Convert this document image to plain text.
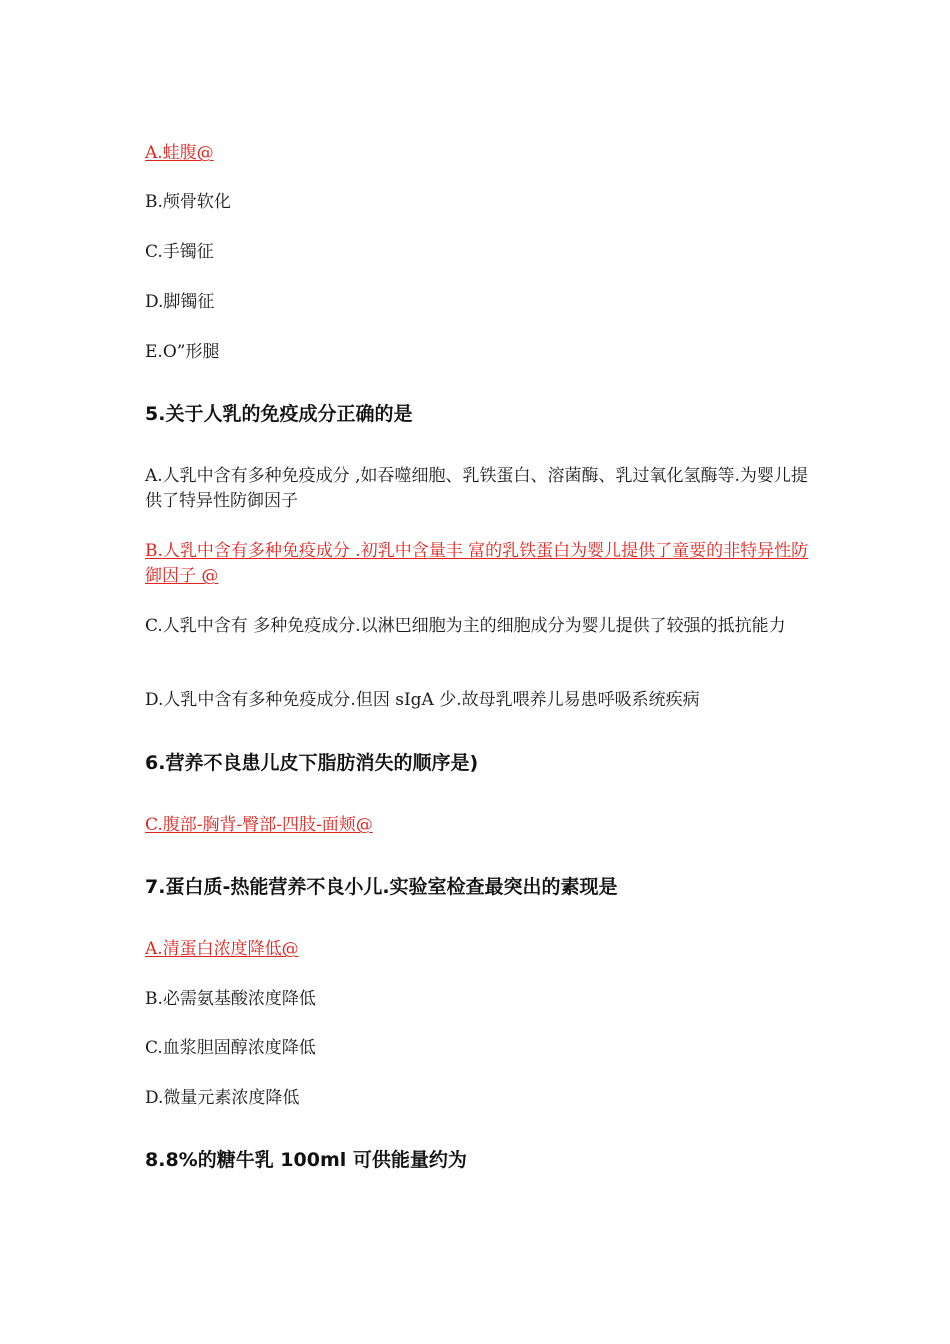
A.蛙腹@

B.颅骨软化

C.手镯征

D.脚镯征

E.O”形腿

5.关于人乳的免疫成分正确的是

A.人乳中含有多种免疫成分 ,如吞噬细胞、乳铁蛋白、溶菌酶、乳过氧化氢酶等.为婴儿提供了特异性防御因子

B.人乳中含有多种免疫成分 .初乳中含量丰 富的乳铁蛋白为婴儿提供了童要的非特异性防御因子 @

C.人乳中含有 多种免疫成分.以淋巴细胞为主的细胞成分为婴儿提供了较强的抵抗能力

D.人乳中含有多种免疫成分.但因 sIgA 少.故母乳喂养儿易患呼吸系统疾病

6.营养不良患儿皮下脂肪消失的顺序是)

C.腹部-胸背-臀部-四肢-面颊@

7.蛋白质-热能营养不良小儿.实验室检查最突出的素现是

A.清蛋白浓度降低@

B.必需氨基酸浓度降低

C.血浆胆固醇浓度降低

D.微量元素浓度降低

8.8%的糖牛乳 100ml 可供能量约为
